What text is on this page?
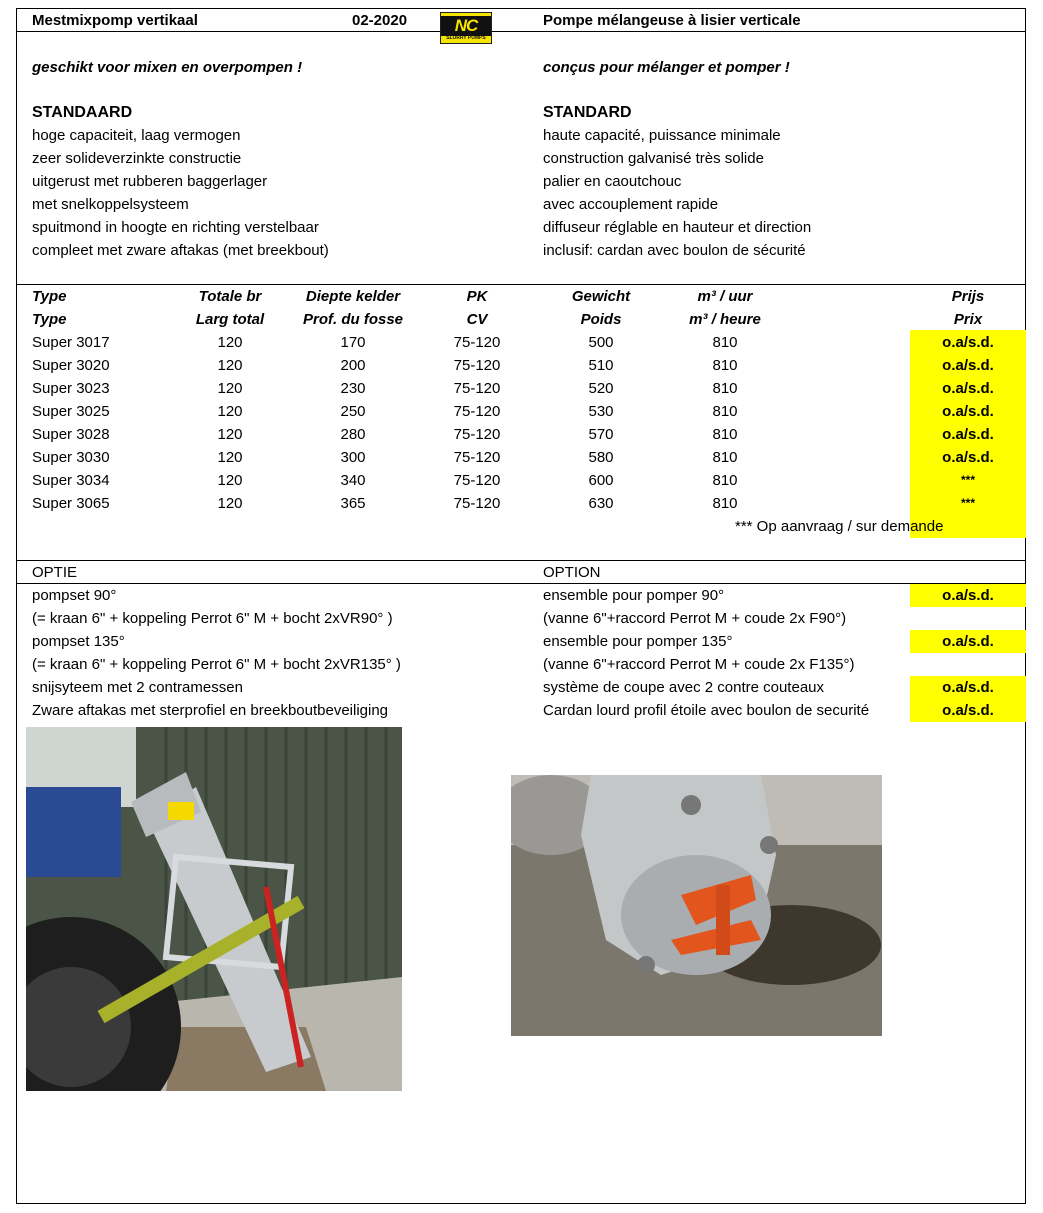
Mestmixpomp vertikaal	02-2020	NC
SLURRY PUMPS
Pompe mélangeuse à lisier verticale
geschikt voor mixen en overpompen !	conçus pour mélanger et pomper !
STANDAARD	STANDARD
hoge capaciteit, laag vermogen
zeer solideverzinkte constructie
uitgerust met rubberen baggerlager
met snelkoppelsysteem
spuitmond in hoogte en richting verstelbaar
compleet met zware aftakas (met breekbout)
haute capacité, puissance minimale
construction galvanisé très solide
palier en caoutchouc
avec accouplement rapide
diffuseur réglable en hauteur et direction
inclusif: cardan avec boulon de sécurité
Type	Totale br	Diepte kelder	PK	Gewicht	m³ / uur	Prijs
Type	Larg total	Prof. du fosse	CV	Poids	m³ / heure	Prix
Super 3017	120	170	75-120	500	810	o.a/s.d.
Super 3020	120	200	75-120	510	810	o.a/s.d.
Super 3023	120	230	75-120	520	810	o.a/s.d.
Super 3025	120	250	75-120	530	810	o.a/s.d.
Super 3028	120	280	75-120	570	810	o.a/s.d.
Super 3030	120	300	75-120	580	810	o.a/s.d.
Super 3034	120	340	75-120	600	810	***
Super 3065	120	365	75-120	630	810	***
*** Op aanvraag / sur demande
OPTIE	OPTION
pompset 90°	ensemble pour pomper 90°	o.a/s.d.
(= kraan 6" + koppeling Perrot 6" M + bocht 2xVR90° )	(vanne 6"+raccord Perrot M + coude 2x F90°)
pompset 135°	ensemble pour pomper 135°	o.a/s.d.
(= kraan 6" + koppeling Perrot 6" M + bocht 2xVR135° )	(vanne 6"+raccord Perrot M + coude 2x F135°)
snijsyteem met 2 contramessen	système de coupe avec 2 contre couteaux	o.a/s.d.
Zware aftakas met sterprofiel en breekboutbeveiliging	Cardan lourd profil étoile avec boulon de securité	o.a/s.d.
